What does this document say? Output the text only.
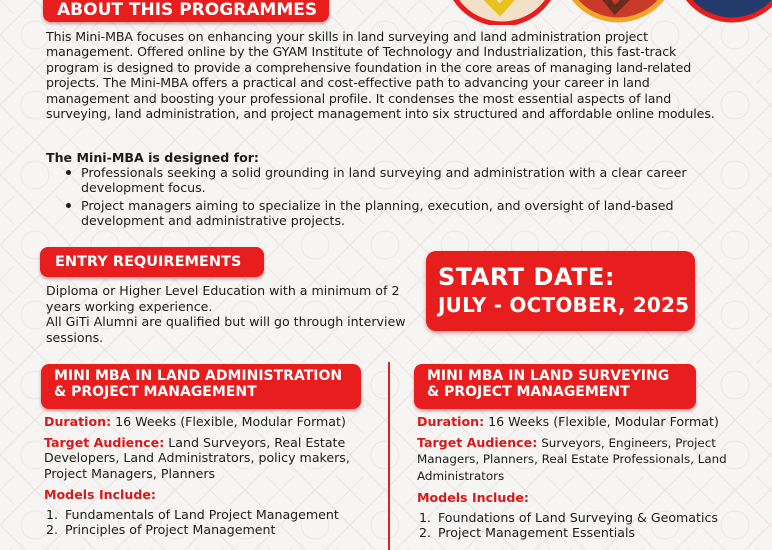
ABOUT THIS PROGRAMMES

This Mini-MBA focuses on enhancing your skills in land surveying and land administration project management. Offered online by the GYAM Institute of Technology and Industrialization, this fast-track program is designed to provide a comprehensive foundation in the core areas of managing land-related projects. The Mini-MBA offers a practical and cost-effective path to advancing your career in land management and boosting your professional profile. It condenses the most essential aspects of land surveying, land administration, and project management into six structured and affordable online modules.

The Mini-MBA is designed for:
Professionals seeking a solid grounding in land surveying and administration with a clear career development focus.
Project managers aiming to specialize in the planning, execution, and oversight of land-based development and administrative projects.
ENTRY REQUIREMENTS
Diploma or Higher Level Education with a minimum of 2 years working experience.
All GiTi Alumni are qualified but will go through interview sessions.
START DATE:
JULY - OCTOBER, 2025
MINI MBA IN LAND ADMINISTRATION & PROJECT MANAGEMENT
MINI MBA IN LAND SURVEYING & PROJECT MANAGEMENT
Duration: 16 Weeks (Flexible, Modular Format)
Target Audience: Land Surveyors, Real Estate Developers, Land Administrators, policy makers, Project Managers, Planners
Models Include:
1. Fundamentals of Land Project Management
2. Principles of Project Management
Duration: 16 Weeks (Flexible, Modular Format)
Target Audience: Surveyors, Engineers, Project Managers, Planners, Real Estate Professionals, Land Administrators
Models Include:
1. Foundations of Land Surveying & Geomatics
2. Project Management Essentials
